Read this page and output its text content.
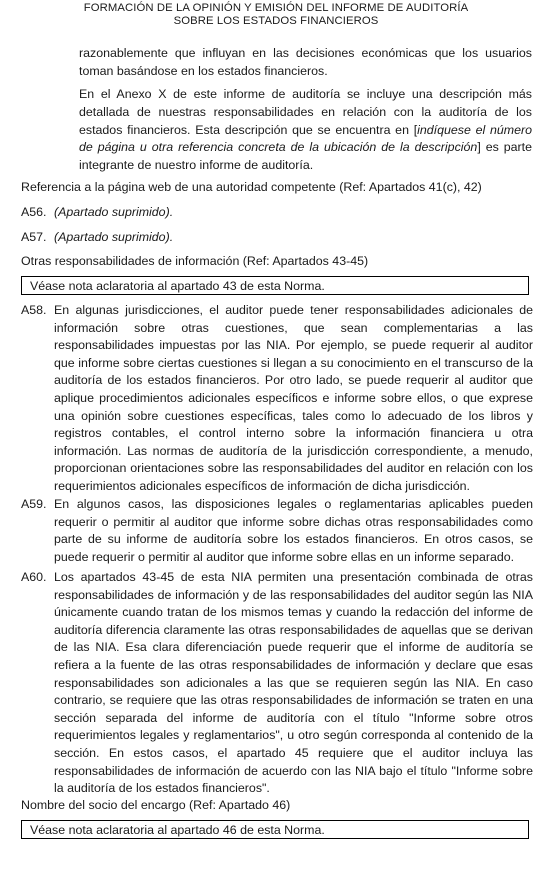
FORMACIÓN DE LA OPINIÓN Y EMISIÓN DEL INFORME DE AUDITORÍA
SOBRE LOS ESTADOS FINANCIEROS

razonablemente que influyan en las decisiones económicas que los usuarios toman basándose en los estados financieros.

En el Anexo X de este informe de auditoría se incluye una descripción más detallada de nuestras responsabilidades en relación con la auditoría de los estados financieros. Esta descripción que se encuentra en [indíquese el número de página u otra referencia concreta de la ubicación de la descripción] es parte integrante de nuestro informe de auditoría.

Referencia a la página web de una autoridad competente (Ref: Apartados 41(c), 42)
A56. (Apartado suprimido).
A57. (Apartado suprimido).
Otras responsabilidades de información (Ref: Apartados 43-45)
Véase nota aclaratoria al apartado 43 de esta Norma.
A58. En algunas jurisdicciones, el auditor puede tener responsabilidades adicionales de información sobre otras cuestiones, que sean complementarias a las responsabilidades impuestas por las NIA. Por ejemplo, se puede requerir al auditor que informe sobre ciertas cuestiones si llegan a su conocimiento en el transcurso de la auditoría de los estados financieros. Por otro lado, se puede requerir al auditor que aplique procedimientos adicionales específicos e informe sobre ellos, o que exprese una opinión sobre cuestiones específicas, tales como lo adecuado de los libros y registros contables, el control interno sobre la información financiera u otra información. Las normas de auditoría de la jurisdicción correspondiente, a menudo, proporcionan orientaciones sobre las responsabilidades del auditor en relación con los requerimientos adicionales específicos de información de dicha jurisdicción.

A59. En algunos casos, las disposiciones legales o reglamentarias aplicables pueden requerir o permitir al auditor que informe sobre dichas otras responsabilidades como parte de su informe de auditoría sobre los estados financieros. En otros casos, se puede requerir o permitir al auditor que informe sobre ellas en un informe separado.

A60. Los apartados 43-45 de esta NIA permiten una presentación combinada de otras responsabilidades de información y de las responsabilidades del auditor según las NIA únicamente cuando tratan de los mismos temas y cuando la redacción del informe de auditoría diferencia claramente las otras responsabilidades de aquellas que se derivan de las NIA. Esa clara diferenciación puede requerir que el informe de auditoría se refiera a la fuente de las otras responsabilidades de información y declare que esas responsabilidades son adicionales a las que se requieren según las NIA. En caso contrario, se requiere que las otras responsabilidades de información se traten en una sección separada del informe de auditoría con el título "Informe sobre otros requerimientos legales y reglamentarios", u otro según corresponda al contenido de la sección. En estos casos, el apartado 45 requiere que el auditor incluya las responsabilidades de información de acuerdo con las NIA bajo el título "Informe sobre la auditoría de los estados financieros".

Nombre del socio del encargo (Ref: Apartado 46)
Véase nota aclaratoria al apartado 46 de esta Norma.
